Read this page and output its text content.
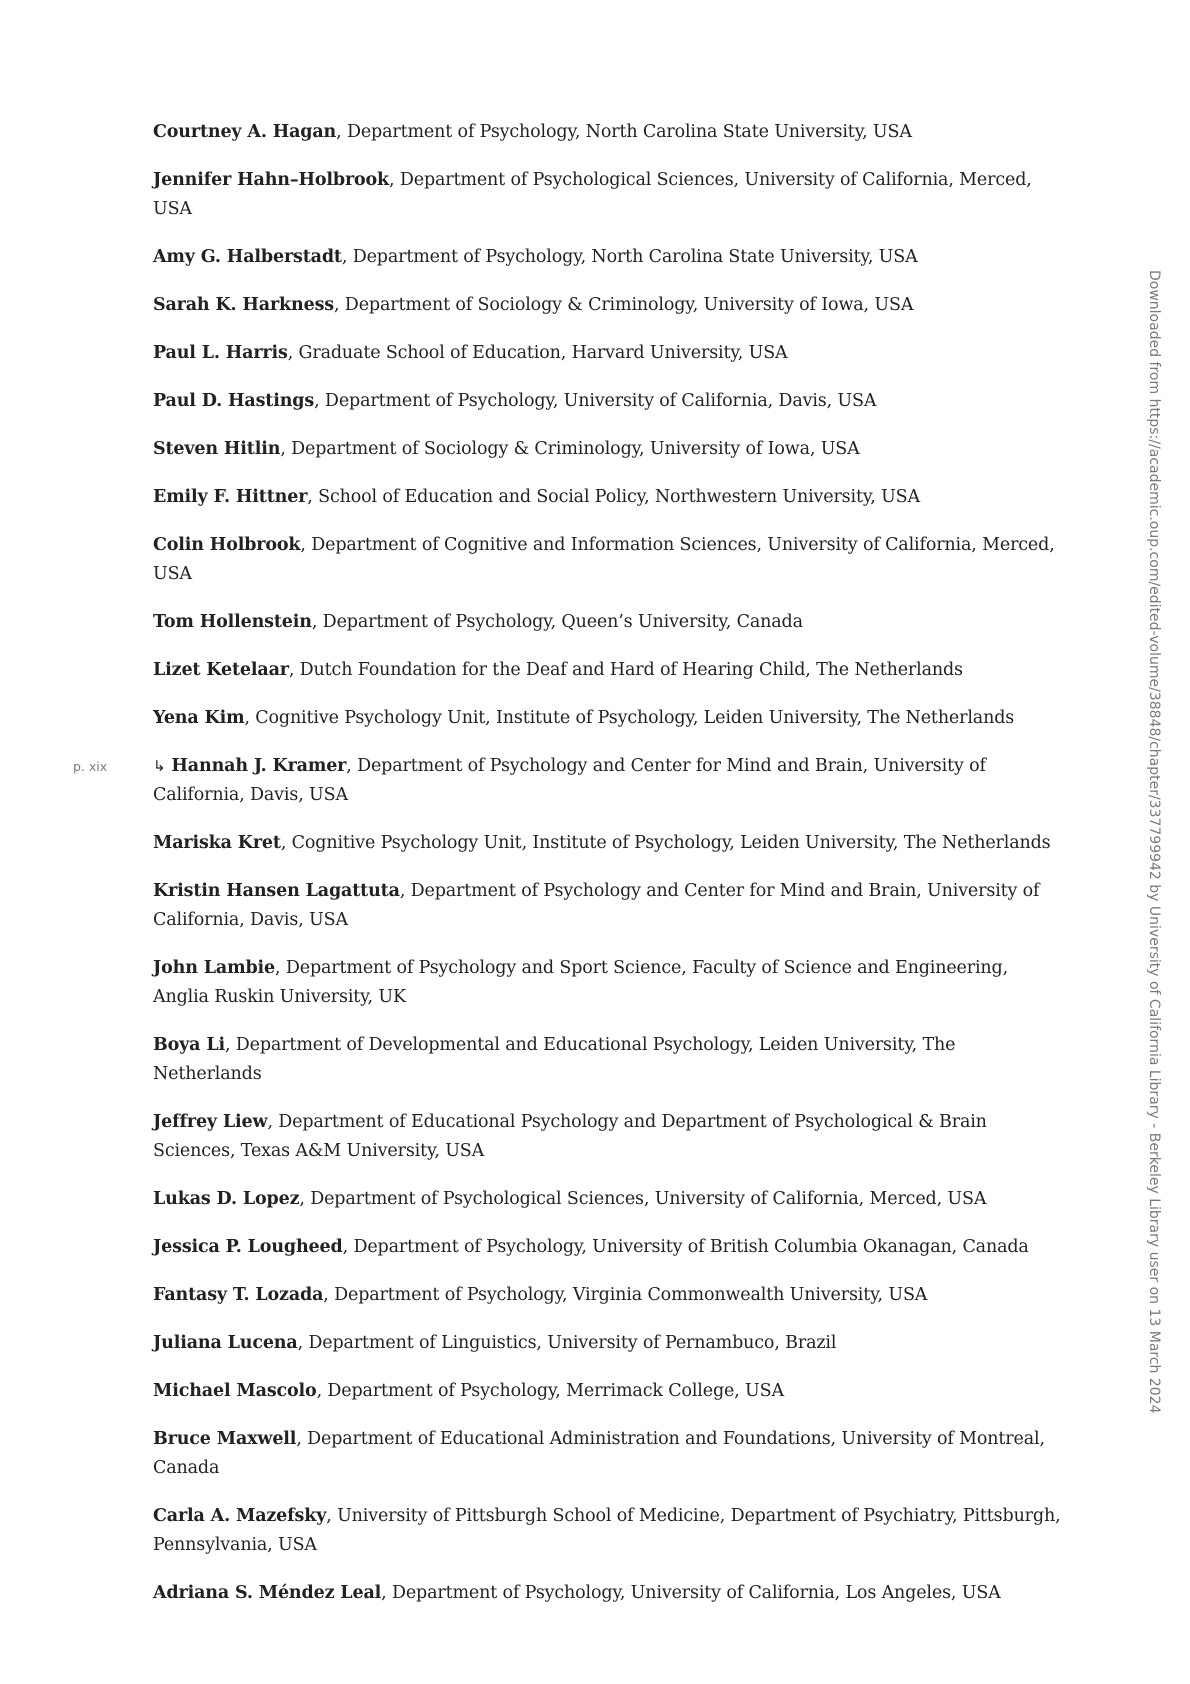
Courtney A. Hagan, Department of Psychology, North Carolina State University, USA
Jennifer Hahn–Holbrook, Department of Psychological Sciences, University of California, Merced, USA
Amy G. Halberstadt, Department of Psychology, North Carolina State University, USA
Sarah K. Harkness, Department of Sociology & Criminology, University of Iowa, USA
Paul L. Harris, Graduate School of Education, Harvard University, USA
Paul D. Hastings, Department of Psychology, University of California, Davis, USA
Steven Hitlin, Department of Sociology & Criminology, University of Iowa, USA
Emily F. Hittner, School of Education and Social Policy, Northwestern University, USA
Colin Holbrook, Department of Cognitive and Information Sciences, University of California, Merced, USA
Tom Hollenstein, Department of Psychology, Queen’s University, Canada
Lizet Ketelaar, Dutch Foundation for the Deaf and Hard of Hearing Child, The Netherlands
Yena Kim, Cognitive Psychology Unit, Institute of Psychology, Leiden University, The Netherlands
p. xix	↳ Hannah J. Kramer, Department of Psychology and Center for Mind and Brain, University of California, Davis, USA
Mariska Kret, Cognitive Psychology Unit, Institute of Psychology, Leiden University, The Netherlands
Kristin Hansen Lagattuta, Department of Psychology and Center for Mind and Brain, University of California, Davis, USA
John Lambie, Department of Psychology and Sport Science, Faculty of Science and Engineering, Anglia Ruskin University, UK
Boya Li, Department of Developmental and Educational Psychology, Leiden University, The Netherlands
Jeffrey Liew, Department of Educational Psychology and Department of Psychological & Brain Sciences, Texas A&M University, USA
Lukas D. Lopez, Department of Psychological Sciences, University of California, Merced, USA
Jessica P. Lougheed, Department of Psychology, University of British Columbia Okanagan, Canada
Fantasy T. Lozada, Department of Psychology, Virginia Commonwealth University, USA
Juliana Lucena, Department of Linguistics, University of Pernambuco, Brazil
Michael Mascolo, Department of Psychology, Merrimack College, USA
Bruce Maxwell, Department of Educational Administration and Foundations, University of Montreal, Canada
Carla A. Mazefsky, University of Pittsburgh School of Medicine, Department of Psychiatry, Pittsburgh, Pennsylvania, USA
Adriana S. Méndez Leal, Department of Psychology, University of California, Los Angeles, USA
Downloaded from https://academic.oup.com/edited-volume/38848/chapter/337799942 by University of California Library - Berkeley Library user on 13 March 2024
